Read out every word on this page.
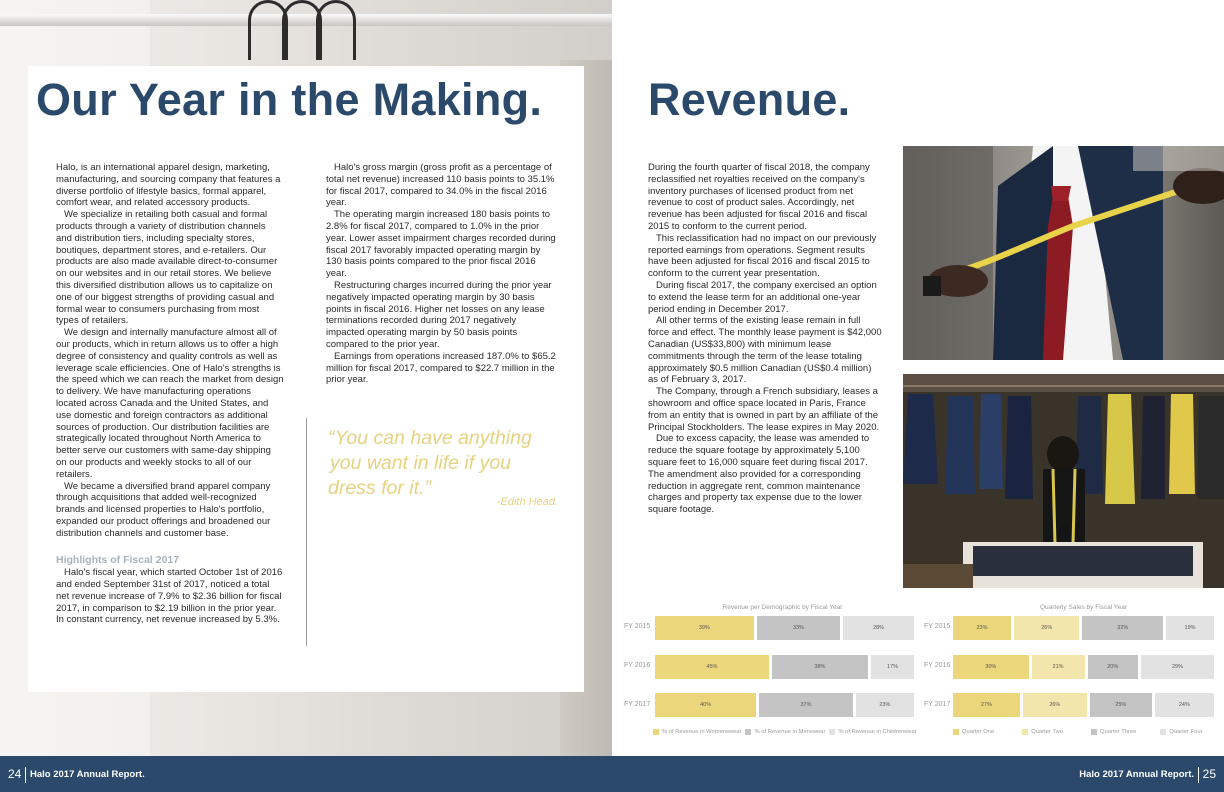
Our Year in the Making.

Halo, is an international apparel design, marketing, manufacturing, and sourcing company that features a diverse portfolio of lifestyle basics, formal apparel, comfort wear, and related accessory products.

We specialize in retailing both casual and formal products through a variety of distribution channels and distribution tiers, including specialty stores, boutiques, department stores, and e-retailers. Our products are also made available direct-to-consumer on our websites and in our retail stores. We believe this diversified distribution allows us to capitalize on one of our biggest strengths of providing casual and formal wear to consumers purchasing from most types of retailers.

We design and internally manufacture almost all of our products, which in return allows us to offer a high degree of consistency and quality controls as well as leverage scale efficiencies. One of Halo's strengths is the speed which we can reach the market from design to delivery. We have manufacturing operations located across Canada and the United States, and use domestic and foreign contractors as additional sources of production. Our distribution facilities are strategically located throughout North America to better serve our customers with same-day shipping on our products and weekly stocks to all of our retailers.

We became a diversified brand apparel company through acquisitions that added well-recognized brands and licensed properties to Halo's portfolio, expanded our product offerings and broadened our distribution channels and customer base.

Highlights of Fiscal 2017

Halo's fiscal year, which started October 1st of 2016 and ended September 31st of 2017, noticed a total net revenue increase of 7.9% to $2.36 billion for fiscal 2017, in comparison to $2.19 billion in the prior year. In constant currency, net revenue increased by 5.3%.

Halo's gross margin (gross profit as a percentage of total net revenue) increased 110 basis points to 35.1% for fiscal 2017, compared to 34.0% in the fiscal 2016 year.

The operating margin increased 180 basis points to 2.8% for fiscal 2017, compared to 1.0% in the prior year. Lower asset impairment charges recorded during fiscal 2017 favorably impacted operating margin by 130 basis points compared to the prior fiscal 2016 year.

Restructuring charges incurred during the prior year negatively impacted operating margin by 30 basis points in fiscal 2016. Higher net losses on any lease terminations recorded during 2017 negatively impacted operating margin by 50 basis points compared to the prior year.

Earnings from operations increased 187.0% to $65.2 million for fiscal 2017, compared to $22.7 million in the prior year.

“You can have anything
you want in life if you
dress for it.”
-Edith Head.
Revenue.

During the fourth quarter of fiscal 2018, the company reclassified net royalties received on the company's inventory purchases of licensed product from net revenue to cost of product sales. Accordingly, net revenue has been adjusted for fiscal 2016 and fiscal 2015 to conform to the current period.

This reclassification had no impact on our previously reported earnings from operations. Segment results have been adjusted for fiscal 2016 and fiscal 2015 to conform to the current year presentation.

During fiscal 2017, the company exercised an option to extend the lease term for an additional one-year period ending in December 2017.

All other terms of the existing lease remain in full force and effect. The monthly lease payment is $42,000 Canadian (US$33,800) with minimum lease commitments through the term of the lease totaling approximately $0.5 million Canadian (US$0.4 million) as of February 3, 2017.

The Company, through a French subsidiary, leases a showroom and office space located in Paris, France from an entity that is owned in part by an affiliate of the Principal Stockholders. The lease expires in May 2020.

Due to excess capacity, the lease was amended to reduce the square footage by approximately 5,100 square feet to 16,000 square feet during fiscal 2017. The amendment also provided for a corresponding reduction in aggregate rent, common maintenance charges and property tax expense due to the lower square footage.

Revenue per Demographic by Fiscal Year
FY 2015
FY 2016
FY 2017
39%	33%	28%
45%	38%	17%
40%	37%	23%
% of Revenue in Womenswear % of Revenue in Menswear % of Revenue in Childrenwear
Quarterly Sales by Fiscal Year
FY 2015
FY 2016
FY 2017
23%	26%	32%	19%
30%	21%	20%	29%
27%	26%	25%	24%
Quarter One	Quarter Two	Quarter Three	Quarter Four
24 Halo 2017 Annual Report.	Halo 2017 Annual Report. 25
